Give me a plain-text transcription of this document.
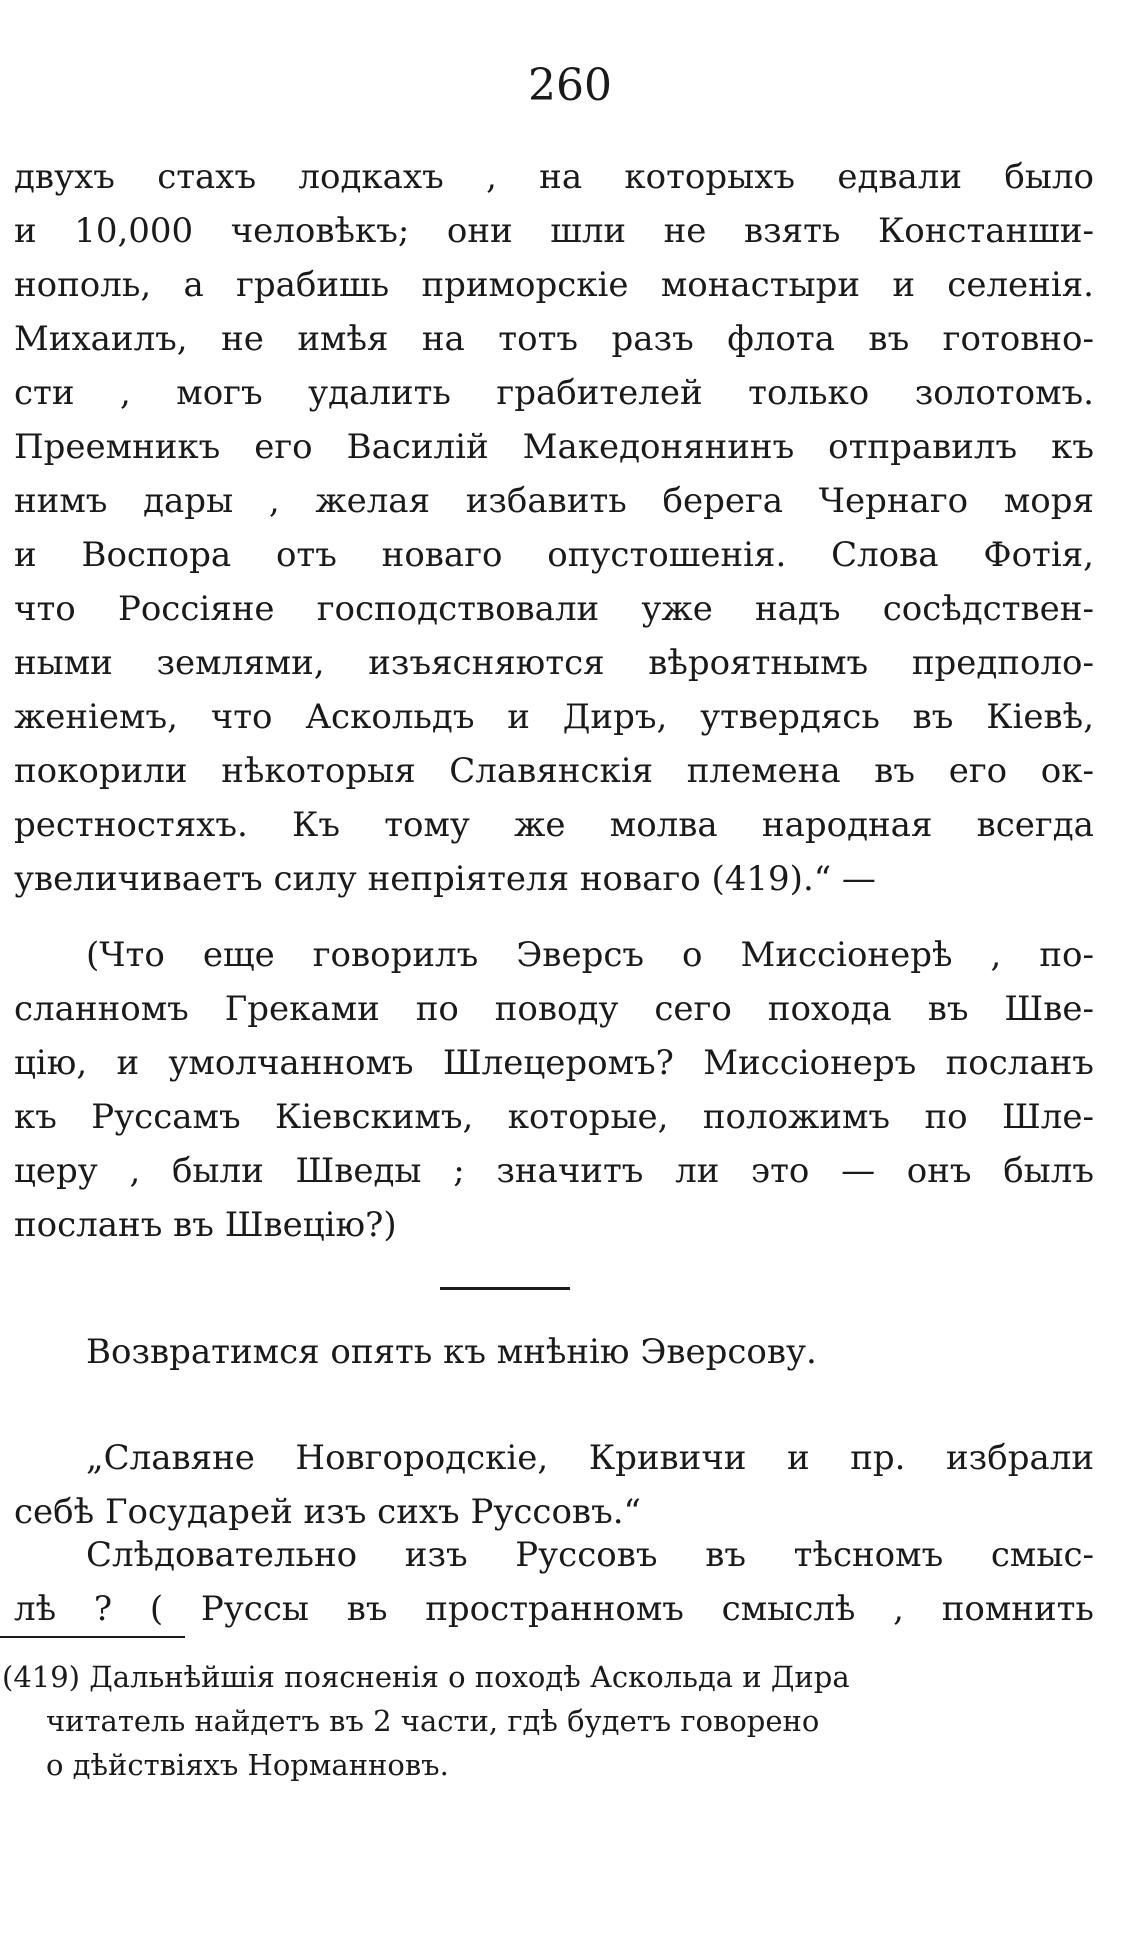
260
двухъ стахъ лодкахъ , на которыхъ едвали было
и 10,000 человѣкъ; они шли не взять Констанши-
нополь, а грабишь приморскіе монастыри и селенія.
Михаилъ, не имѣя на тотъ разъ флота въ готовно-
сти , могъ удалить грабителей только золотомъ.
Преемникъ его Василій Македонянинъ отправилъ къ
нимъ дары , желая избавить берега Чернаго моря
и Воспора отъ новаго опустошенія. Слова Фотія,
что Россіяне господствовали уже надъ сосѣдствен-
ными землями, изъясняются вѣроятнымъ предполо-
женіемъ, что Аскольдъ и Диръ, утвердясь въ Кіевѣ,
покорили нѣкоторыя Славянскія племена въ его ок-
рестностяхъ. Къ тому же молва народная всегда
увеличиваетъ силу непріятеля новаго (419).“ —
(Что еще говорилъ Эверсъ о Миссіонерѣ , по-
сланномъ Греками по поводу сего похода въ Шве-
цію, и умолчанномъ Шлецеромъ? Миссіонеръ посланъ
къ Руссамъ Кіевскимъ, которые, положимъ по Шле-
церу , были Шведы ; значитъ ли это — онъ былъ
посланъ въ Швецію?)
Возвратимся опять къ мнѣнію Эверсову.
„Славяне Новгородскіе, Кривичи и пр. избрали
себѣ Государей изъ сихъ Руссовъ.“
Слѣдовательно изъ Руссовъ въ тѣсномъ смыс-
лѣ ? ( Руссы въ пространномъ смыслѣ , помнить
(419) Дальнѣйшія поясненія о походѣ Аскольда и Дира
читатель найдетъ въ 2 части, гдѣ будетъ говорено
о дѣйствіяхъ Норманновъ.
